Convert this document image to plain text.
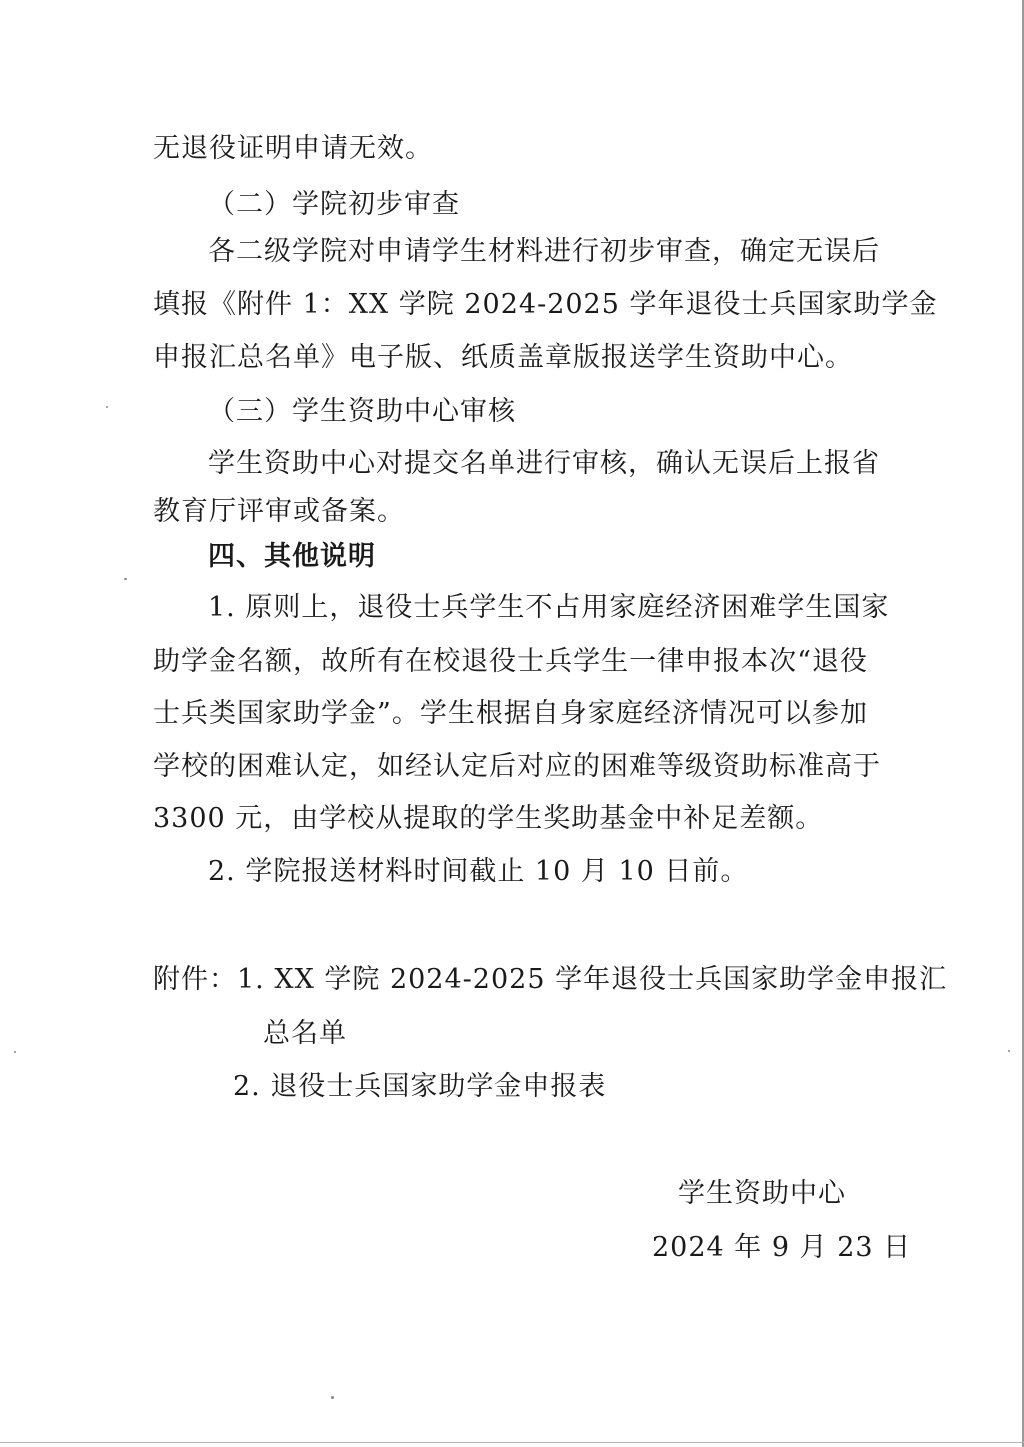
无退役证明申请无效。
（二）学院初步审查
各二级学院对申请学生材料进行初步审查，确定无误后
填报《附件 1：XX 学院 2024-2025 学年退役士兵国家助学金
申报汇总名单》电子版、纸质盖章版报送学生资助中心。
（三）学生资助中心审核
学生资助中心对提交名单进行审核，确认无误后上报省
教育厅评审或备案。
四、其他说明
1. 原则上，退役士兵学生不占用家庭经济困难学生国家
助学金名额，故所有在校退役士兵学生一律申报本次“退役
士兵类国家助学金”。学生根据自身家庭经济情况可以参加
学校的困难认定，如经认定后对应的困难等级资助标准高于
3300 元，由学校从提取的学生奖助基金中补足差额。
2. 学院报送材料时间截止 10 月 10 日前。
附件：1. XX 学院 2024-2025 学年退役士兵国家助学金申报汇
总名单
2. 退役士兵国家助学金申报表
学生资助中心
2024 年 9 月 23 日
